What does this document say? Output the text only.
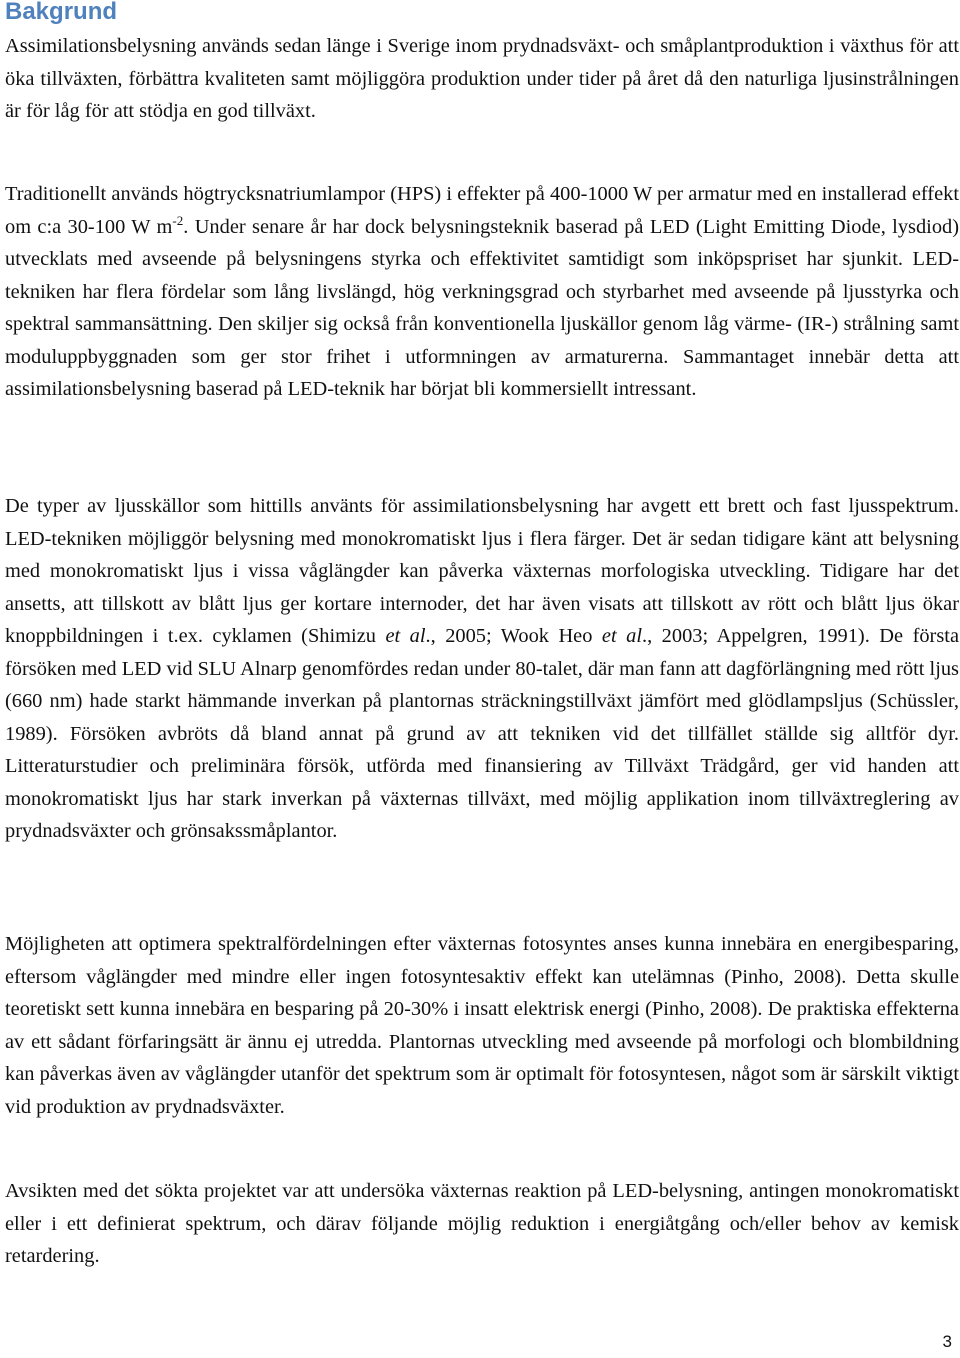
Bakgrund

Assimilationsbelysning används sedan länge i Sverige inom prydnadsväxt- och småplantproduktion i växthus för att öka tillväxten, förbättra kvaliteten samt möjliggöra produktion under tider på året då den naturliga ljusinstrålningen är för låg för att stödja en god tillväxt.

Traditionellt används högtrycksnatriumlampor (HPS) i effekter på 400-1000 W per armatur med en installerad effekt om c:a 30-100 W $m^{-2}$. Under senare år har dock belysningsteknik baserad på LED (Light Emitting Diode, lysdiod) utvecklats med avseende på belysningens styrka och effektivitet samtidigt som inköpspriset har sjunkit. LED-tekniken har flera fördelar som lång livslängd, hög verkningsgrad och styrbarhet med avseende på ljusstyrka och spektral sammansättning. Den skiljer sig också från konventionella ljuskällor genom låg värme- (IR-) strålning samt moduluppbyggnaden som ger stor frihet i utformningen av armaturerna. Sammantaget innebär detta att assimilationsbelysning baserad på LED-teknik har börjat bli kommersiellt intressant.

De typer av ljusskällor som hittills använts för assimilationsbelysning har avgett ett brett och fast ljusspektrum. LED-tekniken möjliggör belysning med monokromatiskt ljus i flera färger. Det är sedan tidigare känt att belysning med monokromatiskt ljus i vissa våglängder kan påverka växternas morfologiska utveckling. Tidigare har det ansetts, att tillskott av blått ljus ger kortare internoder, det har även visats att tillskott av rött och blått ljus ökar knoppbildningen i t.ex. cyklamen (Shimizu et al., 2005; Wook Heo et al., 2003; Appelgren, 1991). De första försöken med LED vid SLU Alnarp genomfördes redan under 80-talet, där man fann att dagförlängning med rött ljus (660 nm) hade starkt hämmande inverkan på plantornas sträckningstillväxt jämfört med glödlampsljus (Schüssler, 1989). Försöken avbröts då bland annat på grund av att tekniken vid det tillfället ställde sig alltför dyr. Litteraturstudier och preliminära försök, utförda med finansiering av Tillväxt Trädgård, ger vid handen att monokromatiskt ljus har stark inverkan på växternas tillväxt, med möjlig applikation inom tillväxtreglering av prydnadsväxter och grönsakssmåplantor.

Möjligheten att optimera spektralfördelningen efter växternas fotosyntes anses kunna innebära en energibesparing, eftersom våglängder med mindre eller ingen fotosyntesaktiv effekt kan utelämnas (Pinho, 2008). Detta skulle teoretiskt sett kunna innebära en besparing på 20-30% i insatt elektrisk energi (Pinho, 2008). De praktiska effekterna av ett sådant förfaringsätt är ännu ej utredda. Plantornas utveckling med avseende på morfologi och blombildning kan påverkas även av våglängder utanför det spektrum som är optimalt för fotosyntesen, något som är särskilt viktigt vid produktion av prydnadsväxter.

Avsikten med det sökta projektet var att undersöka växternas reaktion på LED-belysning, antingen monokromatiskt eller i ett definierat spektrum, och därav följande möjlig reduktion i energiåtgång och/eller behov av kemisk retardering.

3
